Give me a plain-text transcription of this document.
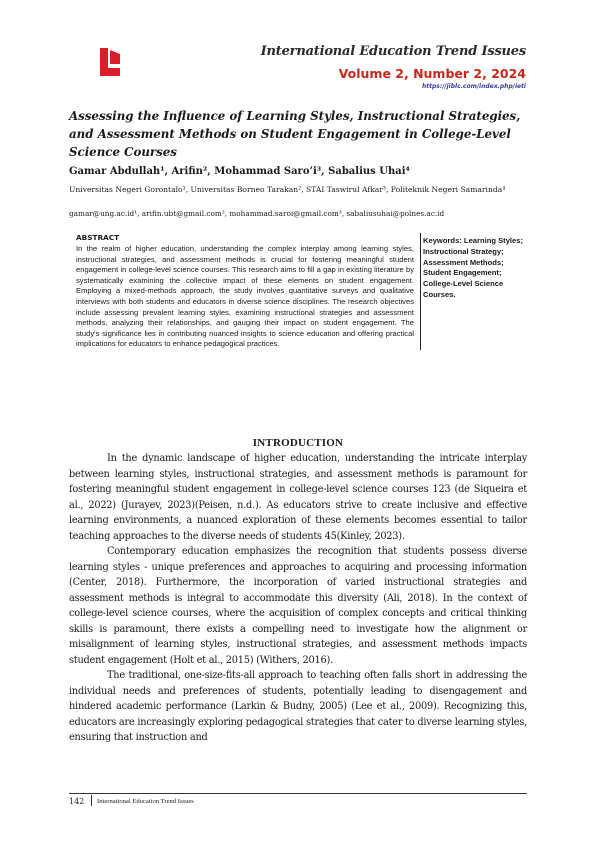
International Education Trend Issues
Volume 2, Number 2, 2024
https://jiblc.com/index.php/ieti
Assessing the Influence of Learning Styles, Instructional Strategies, and Assessment Methods on Student Engagement in College-Level Science Courses
Gamar Abdullah¹, Arifin², Mohammad Saro’i³, Sabalius Uhai⁴
Universitas Negeri Gorontalo¹, Universitas Borneo Tarakan², STAI Taswirul Afkar³, Politeknik Negeri Samarinda⁴
gamar@ung.ac.id¹, arifin.ubt@gmail.com², mohammad.saroi@gmail.com³, sabaliusuhai@polnes.ac.id
ABSTRACT
In the realm of higher education, understanding the complex interplay among learning styles, instructional strategies, and assessment methods is crucial for fostering meaningful student engagement in college-level science courses. This research aims to fill a gap in existing literature by systematically examining the collective impact of these elements on student engagement. Employing a mixed-methods approach, the study involves quantitative surveys and qualitative interviews with both students and educators in diverse science disciplines. The research objectives include assessing prevalent learning styles, examining instructional strategies and assessment methods, analyzing their relationships, and gauging their impact on student engagement. The study's significance lies in contributing nuanced insights to science education and offering practical implications for educators to enhance pedagogical practices.
Keywords: Learning Styles; Instructional Strategy; Assessment Methods; Student Engagement; College-Level Science Courses.
INTRODUCTION

In the dynamic landscape of higher education, understanding the intricate interplay between learning styles, instructional strategies, and assessment methods is paramount for fostering meaningful student engagement in college-level science courses 123 (de Siqueira et al., 2022) (Jurayev, 2023)(Peisen, n.d.). As educators strive to create inclusive and effective learning environments, a nuanced exploration of these elements becomes essential to tailor teaching approaches to the diverse needs of students 45(Kinley, 2023).

Contemporary education emphasizes the recognition that students possess diverse learning styles - unique preferences and approaches to acquiring and processing information (Center, 2018). Furthermore, the incorporation of varied instructional strategies and assessment methods is integral to accommodate this diversity (Ali, 2018). In the context of college-level science courses, where the acquisition of complex concepts and critical thinking skills is paramount, there exists a compelling need to investigate how the alignment or misalignment of learning styles, instructional strategies, and assessment methods impacts student engagement (Holt et al., 2015) (Withers, 2016).

The traditional, one-size-fits-all approach to teaching often falls short in addressing the individual needs and preferences of students, potentially leading to disengagement and hindered academic performance (Larkin & Budny, 2005) (Lee et al., 2009). Recognizing this, educators are increasingly exploring pedagogical strategies that cater to diverse learning styles, ensuring that instruction and

142 International Education Trend Issues
